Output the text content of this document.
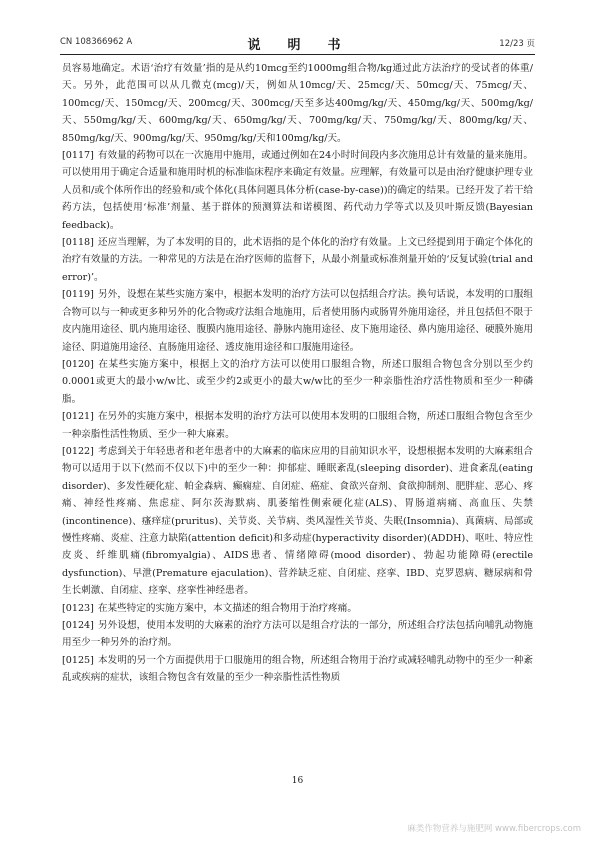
CN 108366962 A	说　明　书	12/23 页

员容易地确定。术语‘治疗有效量’指的是从约10mcg至约1000mg组合物/kg通过此方法治疗的受试者的体重/天。另外，此范围可以从几微克(mcg)/天，例如从10mcg/天、25mcg/天、50mcg/天、75mcg/天、100mcg/天、150mcg/天、200mcg/天、300mcg/天至多达400mg/kg/天、450mg/kg/天、500mg/kg/天、550mg/kg/天、600mg/kg/天、650mg/kg/天、700mg/kg/天、750mg/kg/天、800mg/kg/天、850mg/kg/天、900mg/kg/天、950mg/kg/天和100mg/kg/天。

[0117] 有效量的药物可以在一次施用中施用，或通过例如在24小时时间段内多次施用总计有效量的量来施用。可以使用用于确定合适量和施用时机的标准临床程序来确定有效量。应理解，有效量可以是由治疗健康护理专业人员和/或个体所作出的经验和/或个体化(具体问题具体分析(case-by-case))的确定的结果。已经开发了若干给药方法，包括使用‘标准’剂量、基于群体的预测算法和诺模图、药代动力学等式以及贝叶斯反馈(Bayesian feedback)。

[0118] 还应当理解，为了本发明的目的，此术语指的是个体化的治疗有效量。上文已经提到用于确定个体化的治疗有效量的方法。一种常见的方法是在治疗医师的监督下，从最小剂量或标准剂量开始的‘反复试验(trial and error)’。

[0119] 另外，设想在某些实施方案中，根据本发明的治疗方法可以包括组合疗法。换句话说，本发明的口服组合物可以与一种或更多种另外的化合物或疗法组合地施用，后者使用肠内或肠胃外施用途径，并且包括但不限于皮内施用途径、肌内施用途径、腹膜内施用途径、静脉内施用途径、皮下施用途径、鼻内施用途径、硬膜外施用途径、阴道施用途径、直肠施用途径、透皮施用途径和口服施用途径。

[0120] 在某些实施方案中，根据上文的治疗方法可以使用口服组合物，所述口服组合物包含分别以至少约0.0001或更大的最小w/w比、或至少约2或更小的最大w/w比的至少一种亲脂性治疗活性物质和至少一种磷脂。

[0121] 在另外的实施方案中，根据本发明的治疗方法可以使用本发明的口服组合物，所述口服组合物包含至少一种亲脂性活性物质、至少一种大麻素。

[0122] 考虑到关于年轻患者和老年患者中的大麻素的临床应用的目前知识水平，设想根据本发明的大麻素组合物可以适用于以下(然而不仅以下)中的至少一种：抑郁症、睡眠紊乱(sleeping disorder)、进食紊乱(eating disorder)、多发性硬化症、帕金森病、癫痫症、自闭症、癌症、食欲兴奋剂、食欲抑制剂、肥胖症、恶心、疼痛、神经性疼痛、焦虑症、阿尔茨海默病、肌萎缩性侧索硬化症(ALS)、胃肠道病痛、高血压、失禁(incontinence)、瘙痒症(pruritus)、关节炎、关节病、类风湿性关节炎、失眠(Insomnia)、真菌病、局部或慢性疼痛、炎症、注意力缺陷(attention deficit)和多动症(hyperactivity disorder)(ADDH)、呕吐、特应性皮炎、纤维肌痛(fibromyalgia)、AIDS患者、情绪障碍(mood disorder)、勃起功能障碍(erectile dysfunction)、早泄(Premature ejaculation)、营养缺乏症、自闭症、痉挛、IBD、克罗恩病、糖尿病和骨生长刺激、自闭症、痉挛、痉挛性神经患者。

[0123] 在某些特定的实施方案中，本文描述的组合物用于治疗疼痛。

[0124] 另外设想，使用本发明的大麻素的治疗方法可以是组合疗法的一部分，所述组合疗法包括向哺乳动物施用至少一种另外的治疗剂。

[0125] 本发明的另一个方面提供用于口服施用的组合物，所述组合物用于治疗或减轻哺乳动物中的至少一种紊乱或疾病的症状，该组合物包含有效量的至少一种亲脂性活性物质

16
麻类作物营养与施肥网 www.fibercrops.com
